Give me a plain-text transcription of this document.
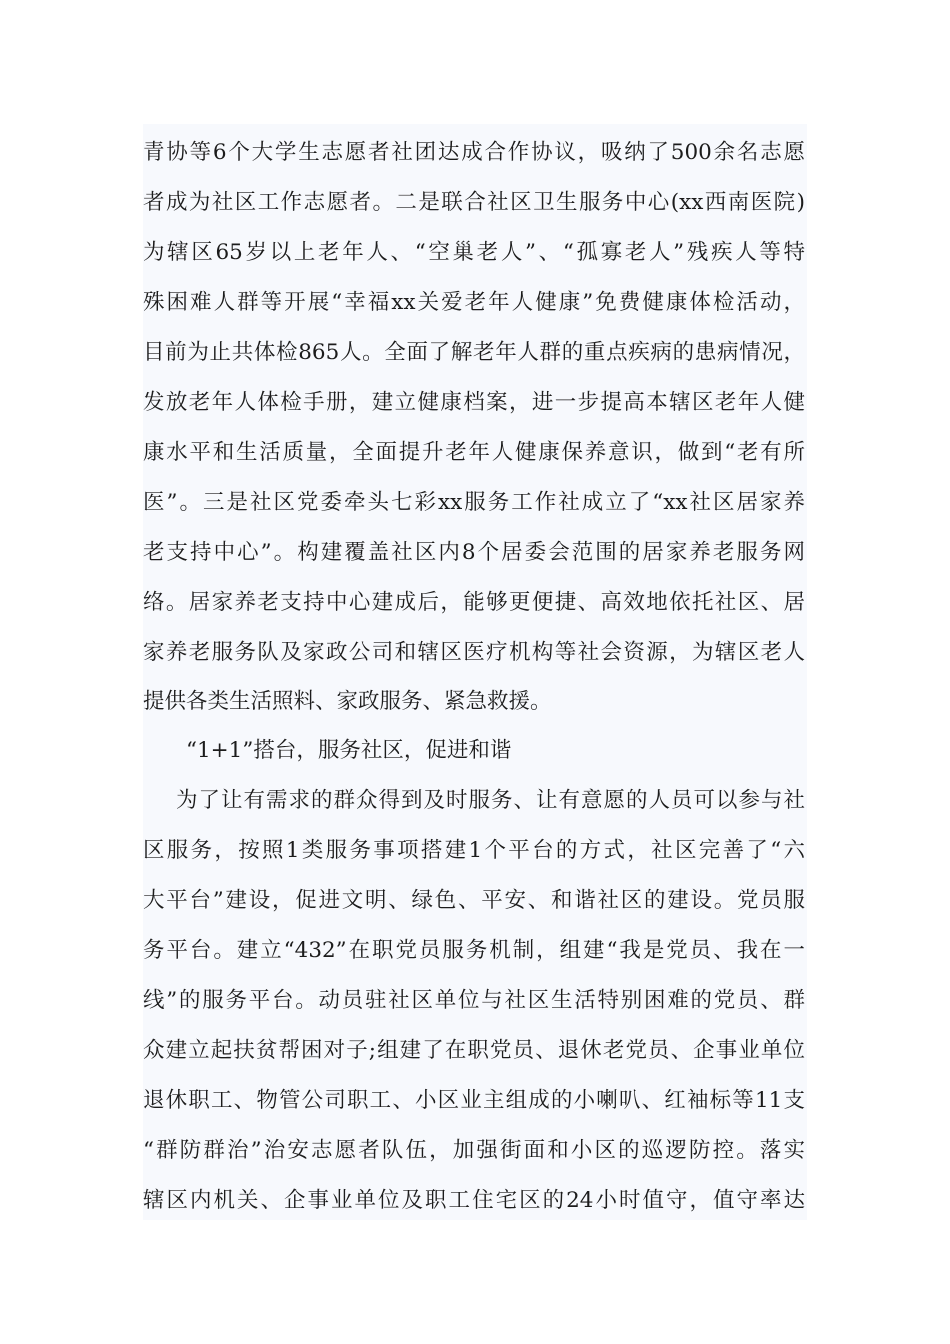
青协等6个大学生志愿者社团达成合作协议，吸纳了500余名志愿
者成为社区工作志愿者。二是联合社区卫生服务中心(xx西南医院)
为辖区65岁以上老年人、“空巢老人”、“孤寡老人”残疾人等特
殊困难人群等开展“幸福xx关爱老年人健康”免费健康体检活动，
目前为止共体检865人。全面了解老年人群的重点疾病的患病情况，
发放老年人体检手册，建立健康档案，进一步提高本辖区老年人健
康水平和生活质量，全面提升老年人健康保养意识，做到“老有所
医”。三是社区党委牵头七彩xx服务工作社成立了“xx社区居家养
老支持中心”。构建覆盖社区内8个居委会范围的居家养老服务网
络。居家养老支持中心建成后，能够更便捷、高效地依托社区、居
家养老服务队及家政公司和辖区医疗机构等社会资源，为辖区老人
提供各类生活照料、家政服务、紧急救援。
“1+1”搭台，服务社区，促进和谐
为了让有需求的群众得到及时服务、让有意愿的人员可以参与社
区服务，按照1类服务事项搭建1个平台的方式，社区完善了“六
大平台”建设，促进文明、绿色、平安、和谐社区的建设。党员服
务平台。建立“432”在职党员服务机制，组建“我是党员、我在一
线”的服务平台。动员驻社区单位与社区生活特别困难的党员、群
众建立起扶贫帮困对子;组建了在职党员、退休老党员、企事业单位
退休职工、物管公司职工、小区业主组成的小喇叭、红袖标等11支
“群防群治”治安志愿者队伍，加强街面和小区的巡逻防控。落实
辖区内机关、企事业单位及职工住宅区的24小时值守，值守率达
